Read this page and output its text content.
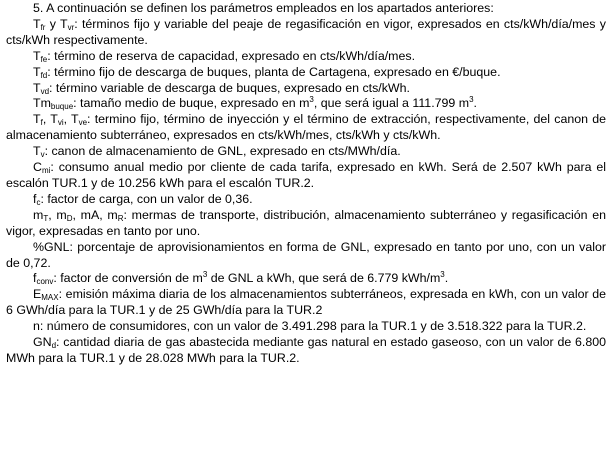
5. A continuación se definen los parámetros empleados en los apartados anteriores:

$T_{fr}$ y $T_{vr}$: términos fijo y variable del peaje de regasificación en vigor, expresados en cts/kWh/día/mes y cts/kWh respectivamente.

$T_{fe}$: término de reserva de capacidad, expresado en cts/kWh/día/mes.

$T_{fd}$: término fijo de descarga de buques, planta de Cartagena, expresado en €/buque.

$T_{vd}$: término variable de descarga de buques, expresado en cts/kWh.

$Tm_{buque}$: tamaño medio de buque, expresado en $m^3$, que será igual a 111.799 $m^3$.

$T_f$, $T_{vi}$, $T_{ve}$: termino fijo, término de inyección y el término de extracción, respectivamente, del canon de almacenamiento subterráneo, expresados en cts/kWh/mes, cts/kWh y cts/kWh.

$T_v$: canon de almacenamiento de GNL, expresado en cts/MWh/día.

$C_{mi}$: consumo anual medio por cliente de cada tarifa, expresado en kWh. Será de 2.507 kWh para el escalón TUR.1 y de 10.256 kWh para el escalón TUR.2.

$f_c$: factor de carga, con un valor de 0,36.

$m_T$, $m_D$, mA, $m_R$: mermas de transporte, distribución, almacenamiento subterráneo y regasificación en vigor, expresadas en tanto por uno.

%GNL: porcentaje de aprovisionamientos en forma de GNL, expresado en tanto por uno, con un valor de 0,72.

$f_{conv}$: factor de conversión de $m^3$ de GNL a kWh, que será de 6.779 kWh/$m^3$.

$E_{MAX}$: emisión máxima diaria de los almacenamientos subterráneos, expresada en kWh, con un valor de 6 GWh/día para la TUR.1 y de 25 GWh/día para la TUR.2

n: número de consumidores, con un valor de 3.491.298 para la TUR.1 y de 3.518.322 para la TUR.2.

$GN_d$: cantidad diaria de gas abastecida mediante gas natural en estado gaseoso, con un valor de 6.800 MWh para la TUR.1 y de 28.028 MWh para la TUR.2.
